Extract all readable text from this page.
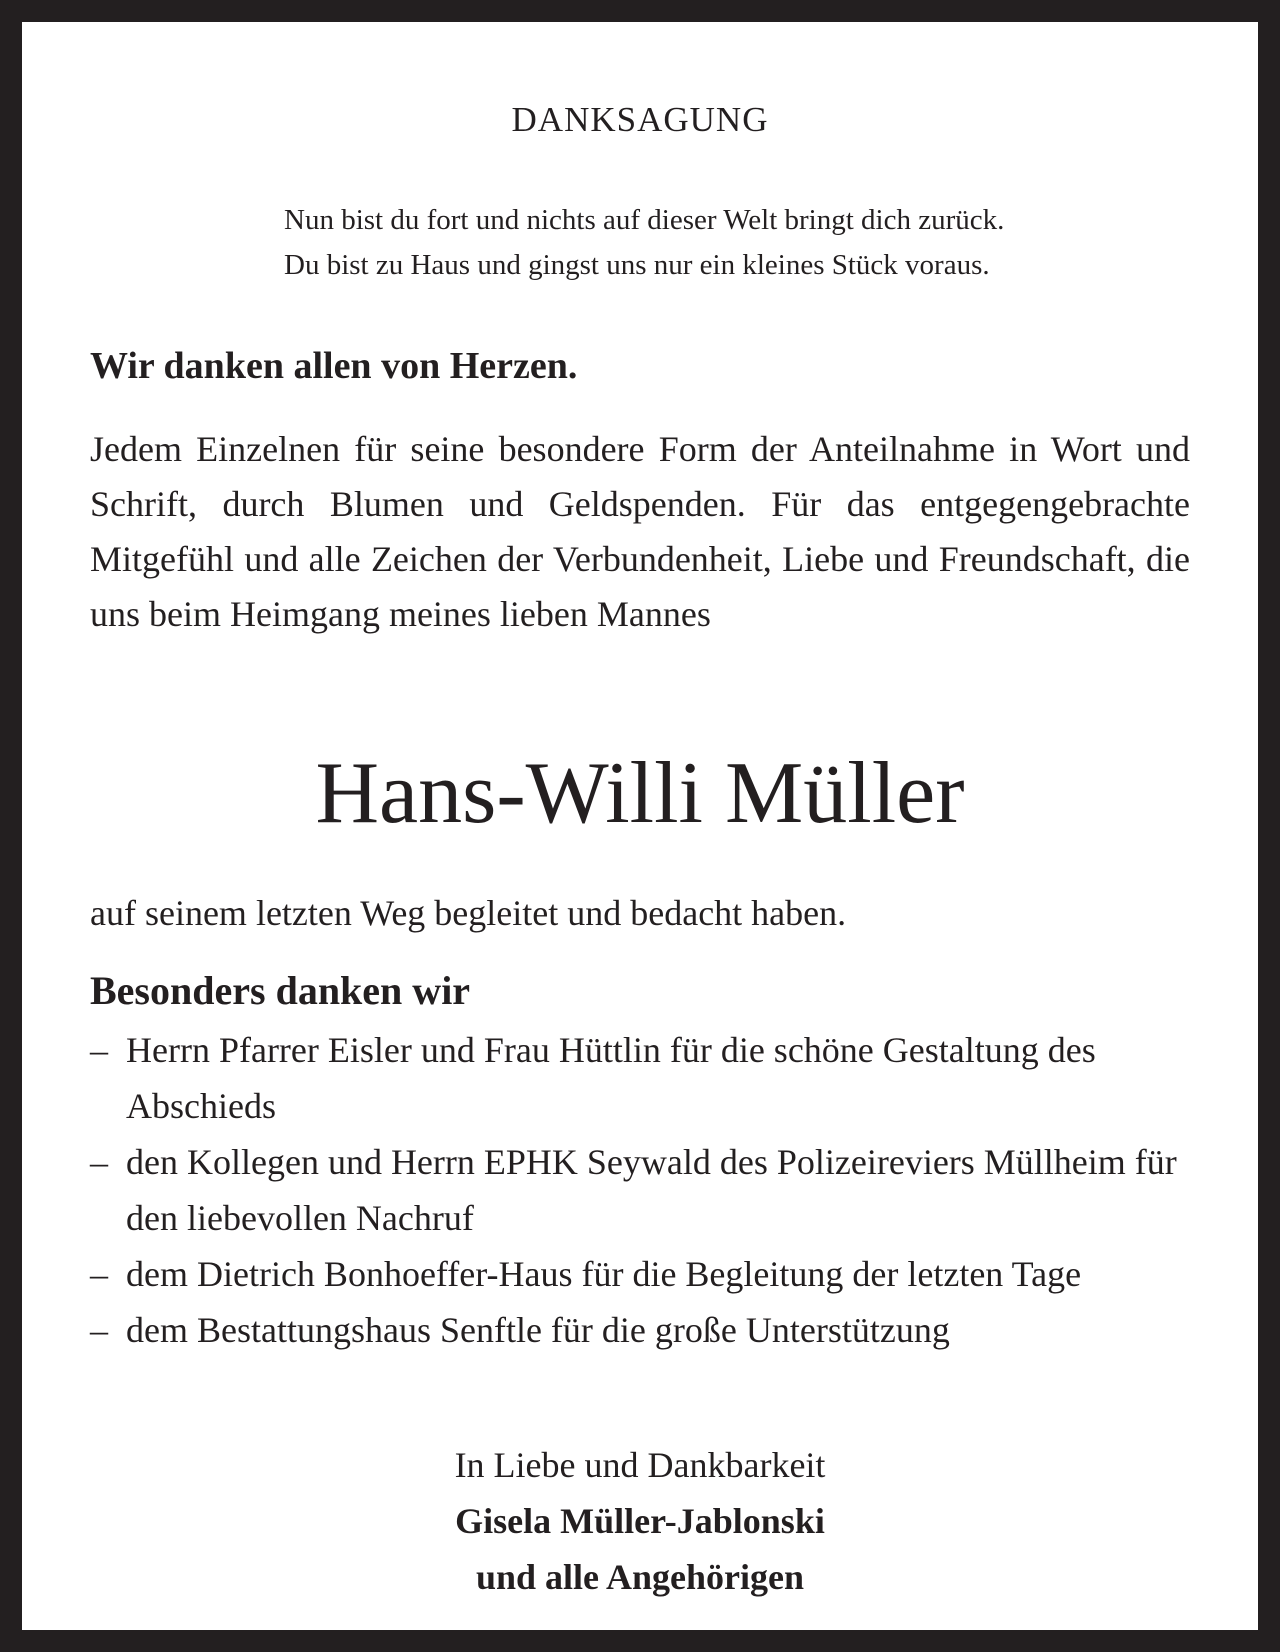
DANKSAGUNG
Nun bist du fort und nichts auf dieser Welt bringt dich zurück.
Du bist zu Haus und gingst uns nur ein kleines Stück voraus.
Wir danken allen von Herzen.
Jedem Einzelnen für seine besondere Form der Anteilnahme in Wort und Schrift, durch Blumen und Geldspenden. Für das entgegengebrachte Mitgefühl und alle Zeichen der Verbundenheit, Liebe und Freundschaft, die uns beim Heimgang meines lieben Mannes
Hans-Willi Müller
auf seinem letzten Weg begleitet und bedacht haben.
Besonders danken wir
– Herrn Pfarrer Eisler und Frau Hüttlin für die schöne Gestaltung des Abschieds
– den Kollegen und Herrn EPHK Seywald des Polizeireviers Müllheim für den liebevollen Nachruf
– dem Dietrich Bonhoeffer-Haus für die Begleitung der letzten Tage
– dem Bestattungshaus Senftle für die große Unterstützung
In Liebe und Dankbarkeit
Gisela Müller-Jablonski
und alle Angehörigen
